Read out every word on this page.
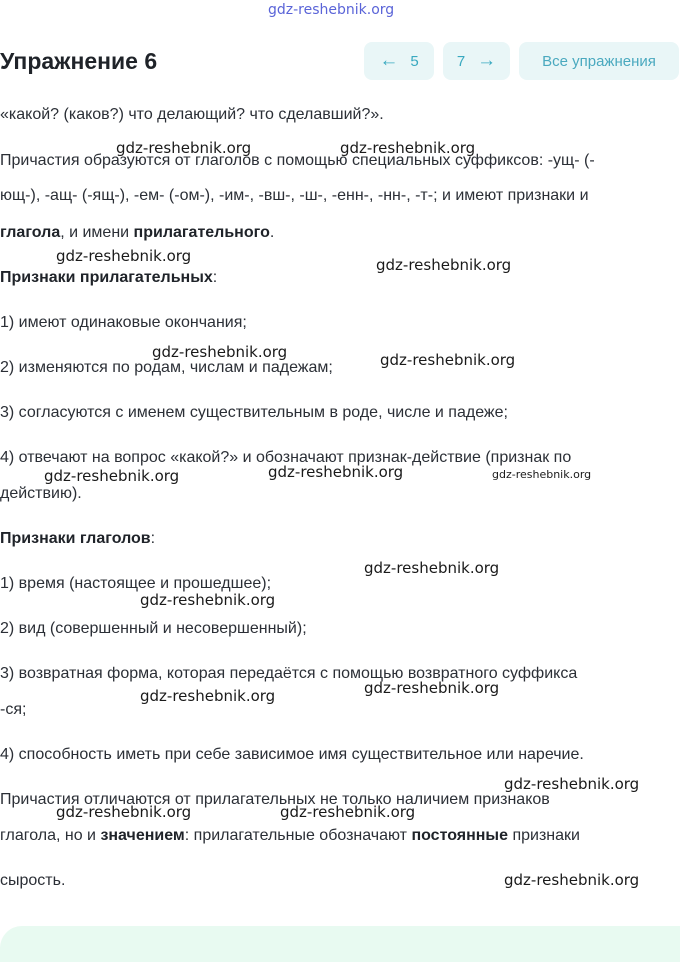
gdz-reshebnik.org
Упражнение 6	← 5	7 →	Все упражнения
«какой? (каков?) что делающий? что сделавший?».
Причастия образуются от глаголов с помощью специальных суффиксов: -ущ- (-
ющ-), -ащ- (-ящ-), -ем- (-ом-), -им-, -вш-, -ш-, -енн-, -нн-, -т-; и имеют признаки и
глагола, и имени прилагательного.
Признаки прилагательных:
1) имеют одинаковые окончания;
2) изменяются по родам, числам и падежам;
3) согласуются с именем существительным в роде, числе и падеже;
4) отвечают на вопрос «какой?» и обозначают признак-действие (признак по
действию).
Признаки глаголов:
1) время (настоящее и прошедшее);
2) вид (совершенный и несовершенный);
3) возвратная форма, которая передаётся с помощью возвратного суффикса
-ся;
4) способность иметь при себе зависимое имя существительное или наречие.
Причастия отличаются от прилагательных не только наличием признаков
глагола, но и значением: прилагательные обозначают постоянные признаки
сырость.
gdz-reshebnik.org	gdz-reshebnik.org
gdz-reshebnik.org	gdz-reshebnik.org
gdz-reshebnik.org	gdz-reshebnik.org
gdz-reshebnik.org	gdz-reshebnik.org	gdz-reshebnik.org
gdz-reshebnik.org
gdz-reshebnik.org
gdz-reshebnik.org
gdz-reshebnik.org
gdz-reshebnik.org
gdz-reshebnik.org	gdz-reshebnik.org
gdz-reshebnik.org
